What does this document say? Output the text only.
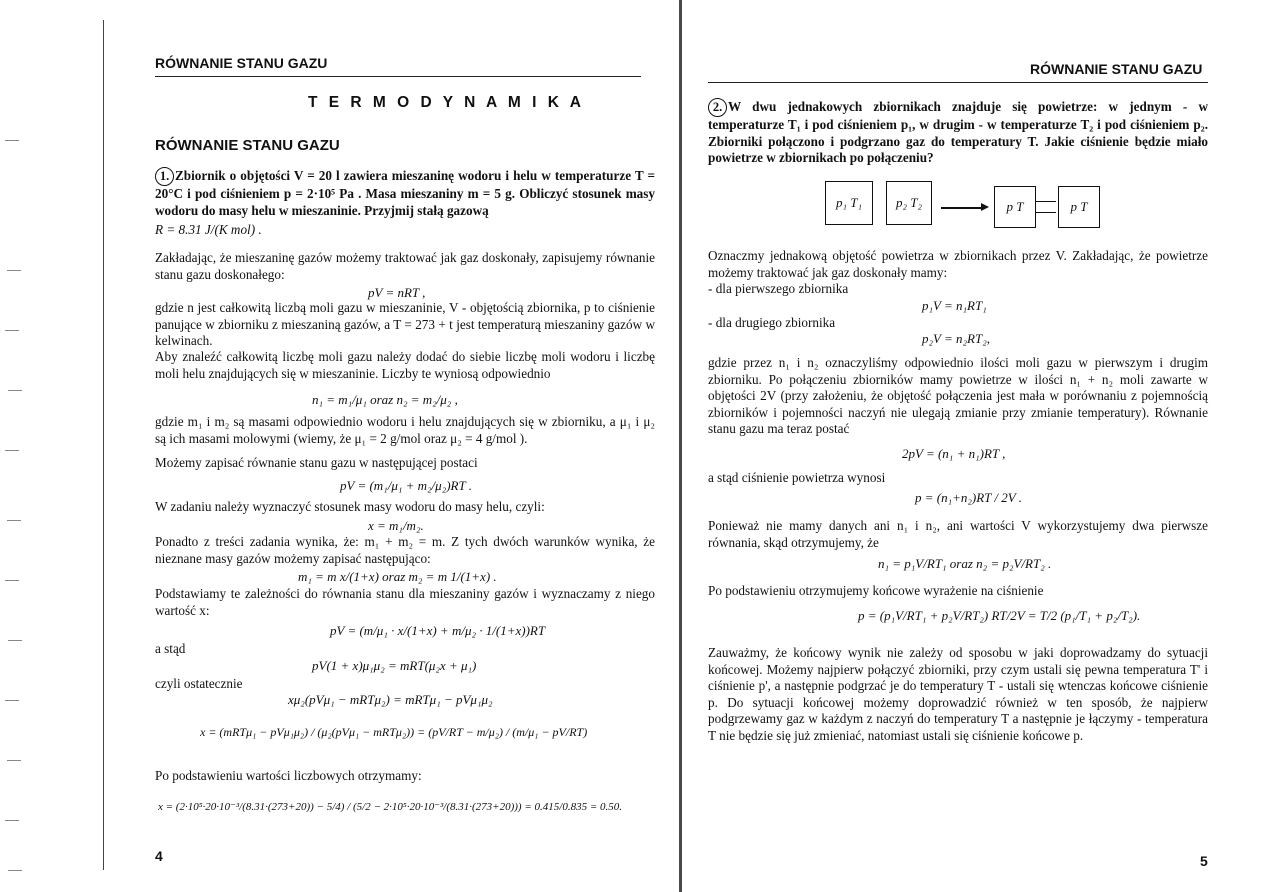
RÓWNANIE STANU GAZU
T E R M O D Y N A M I K A
RÓWNANIE STANU GAZU
1. Zbiornik o objętości V = 20 l zawiera mieszaninę wodoru i helu w temperaturze T = 20°C i pod ciśnieniem p = 2·10⁵ Pa . Masa mieszaniny m = 5 g. Obliczyć stosunek masy wodoru do masy helu w mieszaninie. Przyjmij stałą gazową
R = 8.31 J/(K mol) .
Zakładając, że mieszaninę gazów możemy traktować jak gaz doskonały, zapisujemy równanie stanu gazu doskonałego:
pV = nRT ,
gdzie n jest całkowitą liczbą moli gazu w mieszaninie, V - objętością zbiornika, p to ciśnienie panujące w zbiorniku z mieszaniną gazów, a T = 273 + t jest temperaturą mieszaniny gazów w kelwinach.
Aby znaleźć całkowitą liczbę moli gazu należy dodać do siebie liczbę moli wodoru i liczbę moli helu znajdujących się w mieszaninie. Liczby te wyniosą odpowiednio
n₁ = m₁/μ₁ oraz n₂ = m₂/μ₂ ,
gdzie m₁ i m₂ są masami odpowiednio wodoru i helu znajdujących się w zbiorniku, a μ₁ i μ₂ są ich masami molowymi (wiemy, że μ₁ = 2 g/mol oraz μ₂ = 4 g/mol ).
Możemy zapisać równanie stanu gazu w następującej postaci
pV = (m₁/μ₁ + m₂/μ₂)RT .
W zadaniu należy wyznaczyć stosunek masy wodoru do masy helu, czyli:
x = m₁/m₂.
Ponadto z treści zadania wynika, że: m₁ + m₂ = m. Z tych dwóch warunków wynika, że nieznane masy gazów możemy zapisać następująco:
m₁ = m x/(1+x) oraz m₂ = m 1/(1+x) .
Podstawiamy te zależności do równania stanu dla mieszaniny gazów i wyznaczamy z niego wartość x:
pV = (m/μ₁ · x/(1+x) + m/μ₂ · 1/(1+x))RT
a stąd
pV(1 + x)μ₁μ₂ = mRT(μ₂x + μ₁)
czyli ostatecznie
xμ₂(pVμ₁ − mRTμ₂) = mRTμ₁ − pVμ₁μ₂
x = (mRTμ₁ − pVμ₁μ₂) / (μ₂(pVμ₁ − mRTμ₂)) = (pV/RT − m/μ₂) / (m/μ₁ − pV/RT)
Po podstawieniu wartości liczbowych otrzymamy:
x = (2·10⁵·20·10⁻³/(8.31·(273+20)) − 5/4) / (5/2 − 2·10⁵·20·10⁻³/(8.31·(273+20))) = 0.415/0.835 = 0.50.
4
RÓWNANIE STANU GAZU
2. W dwu jednakowych zbiornikach znajduje się powietrze: w jednym - w temperaturze T₁ i pod ciśnieniem p₁, w drugim - w temperaturze T₂ i pod ciśnieniem p₂. Zbiorniki połączono i podgrzano gaz do temperatury T. Jakie ciśnienie będzie miało powietrze w zbiornikach po połączeniu?
p₁ T₁	p₂ T₂	p T	p T
Oznaczmy jednakową objętość powietrza w zbiornikach przez V. Zakładając, że powietrze możemy traktować jak gaz doskonały mamy:
- dla pierwszego zbiornika
p₁V = n₁RT₁
- dla drugiego zbiornika
p₂V = n₂RT₂,
gdzie przez n₁ i n₂ oznaczyliśmy odpowiednio ilości moli gazu w pierwszym i drugim zbiorniku. Po połączeniu zbiorników mamy powietrze w ilości n₁ + n₂ moli zawarte w objętości 2V (przy założeniu, że objętość połączenia jest mała w porównaniu z pojemnością zbiorników i pojemności naczyń nie ulegają zmianie przy zmianie temperatury). Równanie stanu gazu ma teraz postać
2pV = (n₁ + n₁)RT ,
a stąd ciśnienie powietrza wynosi
p = (n₁+n₂)RT / 2V .
Ponieważ nie mamy danych ani n₁ i n₂, ani wartości V wykorzystujemy dwa pierwsze równania, skąd otrzymujemy, że
n₁ = p₁V/RT₁ oraz n₂ = p₂V/RT₂ .
Po podstawieniu otrzymujemy końcowe wyrażenie na ciśnienie
p = (p₁V/RT₁ + p₂V/RT₂) RT/2V = T/2 (p₁/T₁ + p₂/T₂).
Zauważmy, że końcowy wynik nie zależy od sposobu w jaki doprowadzamy do sytuacji końcowej. Możemy najpierw połączyć zbiorniki, przy czym ustali się pewna temperatura T' i ciśnienie p', a następnie podgrzać je do temperatury T - ustali się wtenczas końcowe ciśnienie p. Do sytuacji końcowej możemy doprowadzić również w ten sposób, że najpierw podgrzewamy gaz w każdym z naczyń do temperatury T a następnie je łączymy - temperatura T nie będzie się już zmieniać, natomiast ustali się ciśnienie końcowe p.
5
